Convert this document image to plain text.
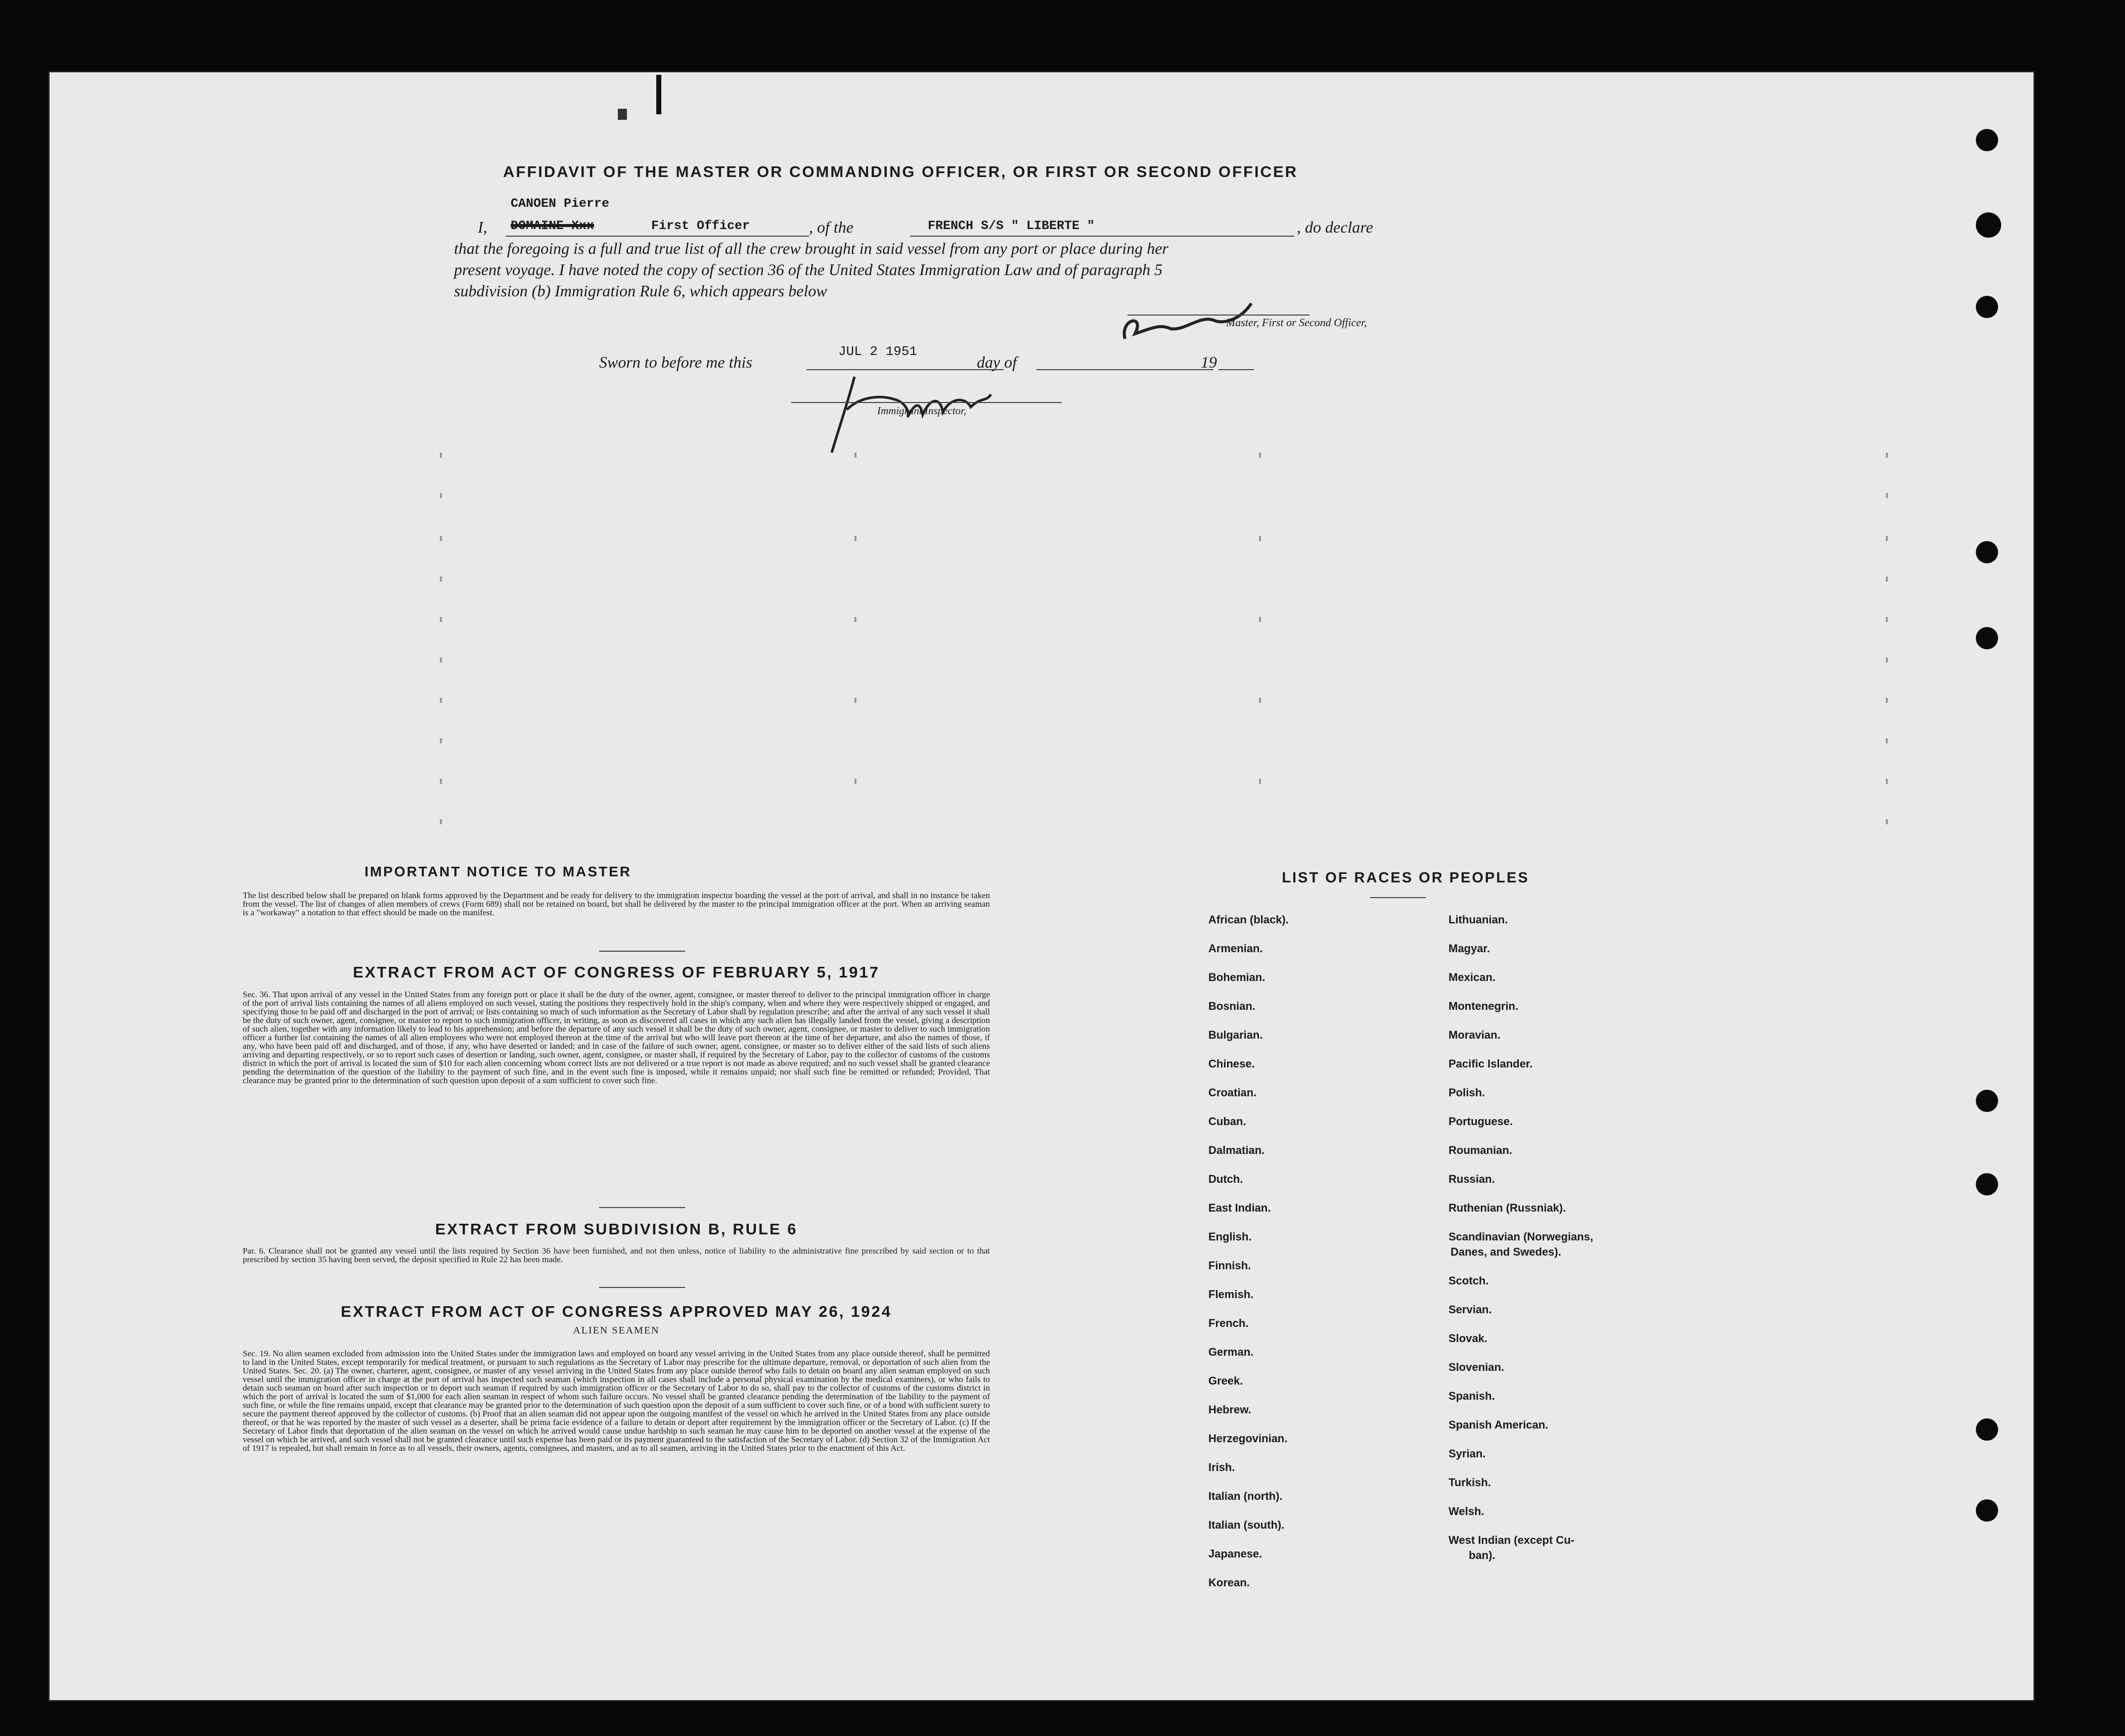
AFFIDAVIT OF THE MASTER OR COMMANDING OFFICER, OR FIRST OR SECOND OFFICER
CANOEN Pierre
I, DOMAINE Xxx	First Officer	, of the	FRENCH S/S " LIBERTE "	, do declare
that the foregoing is a full and true list of all the crew brought in said vessel from any port or place during her
present voyage. I have noted the copy of section 36 of the United States Immigration Law and of paragraph 5
subdivision (b) Immigration Rule 6, which appears below
Master, First or Second Officer,
Sworn to before me this
JUL 2 1951
day of	19
Immigrant Inspector,
IMPORTANT NOTICE TO MASTER
The list described below shall be prepared on blank forms approved by the Department and be ready for delivery to the immigration inspector boarding the vessel at the port of arrival, and shall in no instance be taken from the vessel. The list of changes of alien members of crews (Form 689) shall not be retained on board, but shall be delivered by the master to the principal immigration officer at the port. When an arriving seaman is a "workaway" a notation to that effect should be made on the manifest.
EXTRACT FROM ACT OF CONGRESS OF FEBRUARY 5, 1917
Sec. 36. That upon arrival of any vessel in the United States from any foreign port or place it shall be the duty of the owner, agent, consignee, or master thereof to deliver to the principal immigration officer in charge of the port of arrival lists containing the names of all aliens employed on such vessel, stating the positions they respectively hold in the ship's company, when and where they were respectively shipped or engaged, and specifying those to be paid off and discharged in the port of arrival; or lists containing so much of such information as the Secretary of Labor shall by regulation prescribe; and after the arrival of any such vessel it shall be the duty of such owner, agent, consignee, or master to report to such immigration officer, in writing, as soon as discovered all cases in which any such alien has illegally landed from the vessel, giving a description of such alien, together with any information likely to lead to his apprehension; and before the departure of any such vessel it shall be the duty of such owner, agent, consignee, or master to deliver to such immigration officer a further list containing the names of all alien employees who were not employed thereon at the time of the arrival but who will leave port thereon at the time of her departure, and also the names of those, if any, who have been paid off and discharged, and of those, if any, who have deserted or landed; and in case of the failure of such owner, agent, consignee, or master so to deliver either of the said lists of such aliens arriving and departing respectively, or so to report such cases of desertion or landing, such owner, agent, consignee, or master shall, if required by the Secretary of Labor, pay to the collector of customs of the customs district in which the port of arrival is located the sum of $10 for each alien concerning whom correct lists are not delivered or a true report is not made as above required; and no such vessel shall be granted clearance pending the determination of the question of the liability to the payment of such fine, and in the event such fine is imposed, while it remains unpaid; nor shall such fine be remitted or refunded; Provided, That clearance may be granted prior to the determination of such question upon deposit of a sum sufficient to cover such fine.
EXTRACT FROM SUBDIVISION B, RULE 6
Par. 6. Clearance shall not be granted any vessel until the lists required by Section 36 have been furnished, and not then unless, notice of liability to the administrative fine prescribed by said section or to that prescribed by section 35 having been served, the deposit specified in Rule 22 has been made.
EXTRACT FROM ACT OF CONGRESS APPROVED MAY 26, 1924
ALIEN SEAMEN
Sec. 19. No alien seamen excluded from admission into the United States under the immigration laws and employed on board any vessel arriving in the United States from any place outside thereof, shall be permitted to land in the United States, except temporarily for medical treatment, or pursuant to such regulations as the Secretary of Labor may prescribe for the ultimate departure, removal, or deportation of such alien from the United States. Sec. 20. (a) The owner, charterer, agent, consignee, or master of any vessel arriving in the United States from any place outside thereof who fails to detain on board any alien seaman employed on such vessel until the immigration officer in charge at the port of arrival has inspected such seaman (which inspection in all cases shall include a personal physical examination by the medical examiners), or who fails to detain such seaman on board after such inspection or to deport such seaman if required by such immigration officer or the Secretary of Labor to do so, shall pay to the collector of customs of the customs district in which the port of arrival is located the sum of $1,000 for each alien seaman in respect of whom such failure occurs. No vessel shall be granted clearance pending the determination of the liability to the payment of such fine, or while the fine remains unpaid, except that clearance may be granted prior to the determination of such question upon the deposit of a sum sufficient to cover such fine, or of a bond with sufficient surety to secure the payment thereof approved by the collector of customs. (b) Proof that an alien seaman did not appear upon the outgoing manifest of the vessel on which he arrived in the United States from any place outside thereof, or that he was reported by the master of such vessel as a deserter, shall be prima facie evidence of a failure to detain or deport after requirement by the immigration officer or the Secretary of Labor. (c) If the Secretary of Labor finds that deportation of the alien seaman on the vessel on which he arrived would cause undue hardship to such seaman he may cause him to be deported on another vessel at the expense of the vessel on which he arrived, and such vessel shall not be granted clearance until such expense has been paid or its payment guaranteed to the satisfaction of the Secretary of Labor. (d) Section 32 of the Immigration Act of 1917 is repealed, but shall remain in force as to all vessels, their owners, agents, consignees, and masters, and as to all seamen, arriving in the United States prior to the enactment of this Act.
LIST OF RACES OR PEOPLES
African (black).
Armenian.
Bohemian.
Bosnian.
Bulgarian.
Chinese.
Croatian.
Cuban.
Dalmatian.
Dutch.
East Indian.
English.
Finnish.
Flemish.
French.
German.
Greek.
Hebrew.
Herzegovinian.
Irish.
Italian (north).
Italian (south).
Japanese.
Korean.
Lithuanian.
Magyar.
Mexican.
Montenegrin.
Moravian.
Pacific Islander.
Polish.
Portuguese.
Roumanian.
Russian.
Ruthenian (Russniak).
Scandinavian (Norwegians,
Danes, and Swedes).
Scotch.
Servian.
Slovak.
Slovenian.
Spanish.
Spanish American.
Syrian.
Turkish.
Welsh.
West Indian (except Cu-
ban).
